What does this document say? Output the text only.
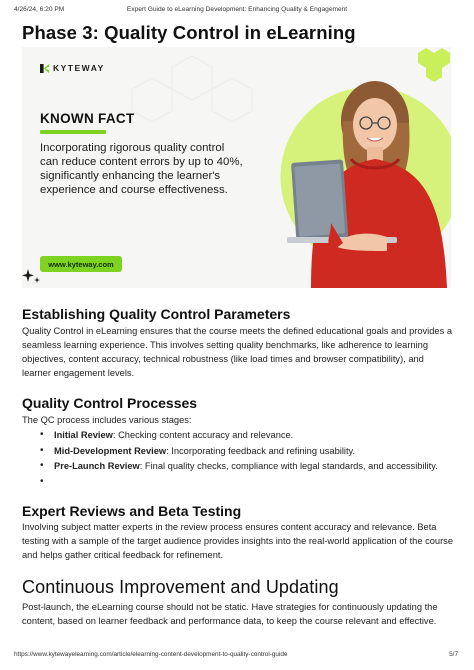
4/26/24, 6:20 PM	Expert Guide to eLearning Development: Enhancing Quality & Engagement
Phase 3: Quality Control in eLearning
KYTEWAY
KNOWN FACT
Incorporating rigorous quality control
can reduce content errors by up to 40%,
significantly enhancing the learner's
experience and course effectiveness.
www.kyteway.com
Establishing Quality Control Parameters

Quality Control in eLearning ensures that the course meets the defined educational goals and provides a seamless learning experience. This involves setting quality benchmarks, like adherence to learning objectives, content accuracy, technical robustness (like load times and browser compatibility), and learner engagement levels.

Quality Control Processes

The QC process includes various stages:

• Initial Review: Checking content accuracy and relevance.
• Mid-Development Review: Incorporating feedback and refining usability.
• Pre-Launch Review: Final quality checks, compliance with legal standards, and accessibility.
•
Expert Reviews and Beta Testing

Involving subject matter experts in the review process ensures content accuracy and relevance. Beta testing with a sample of the target audience provides insights into the real-world application of the course and helps gather critical feedback for refinement.

Continuous Improvement and Updating

Post-launch, the eLearning course should not be static. Have strategies for continuously updating the content, based on learner feedback and performance data, to keep the course relevant and effective.

https://www.kytewayelearning.com/article/elearning-content-development-to-quality-control-guide	5/7
